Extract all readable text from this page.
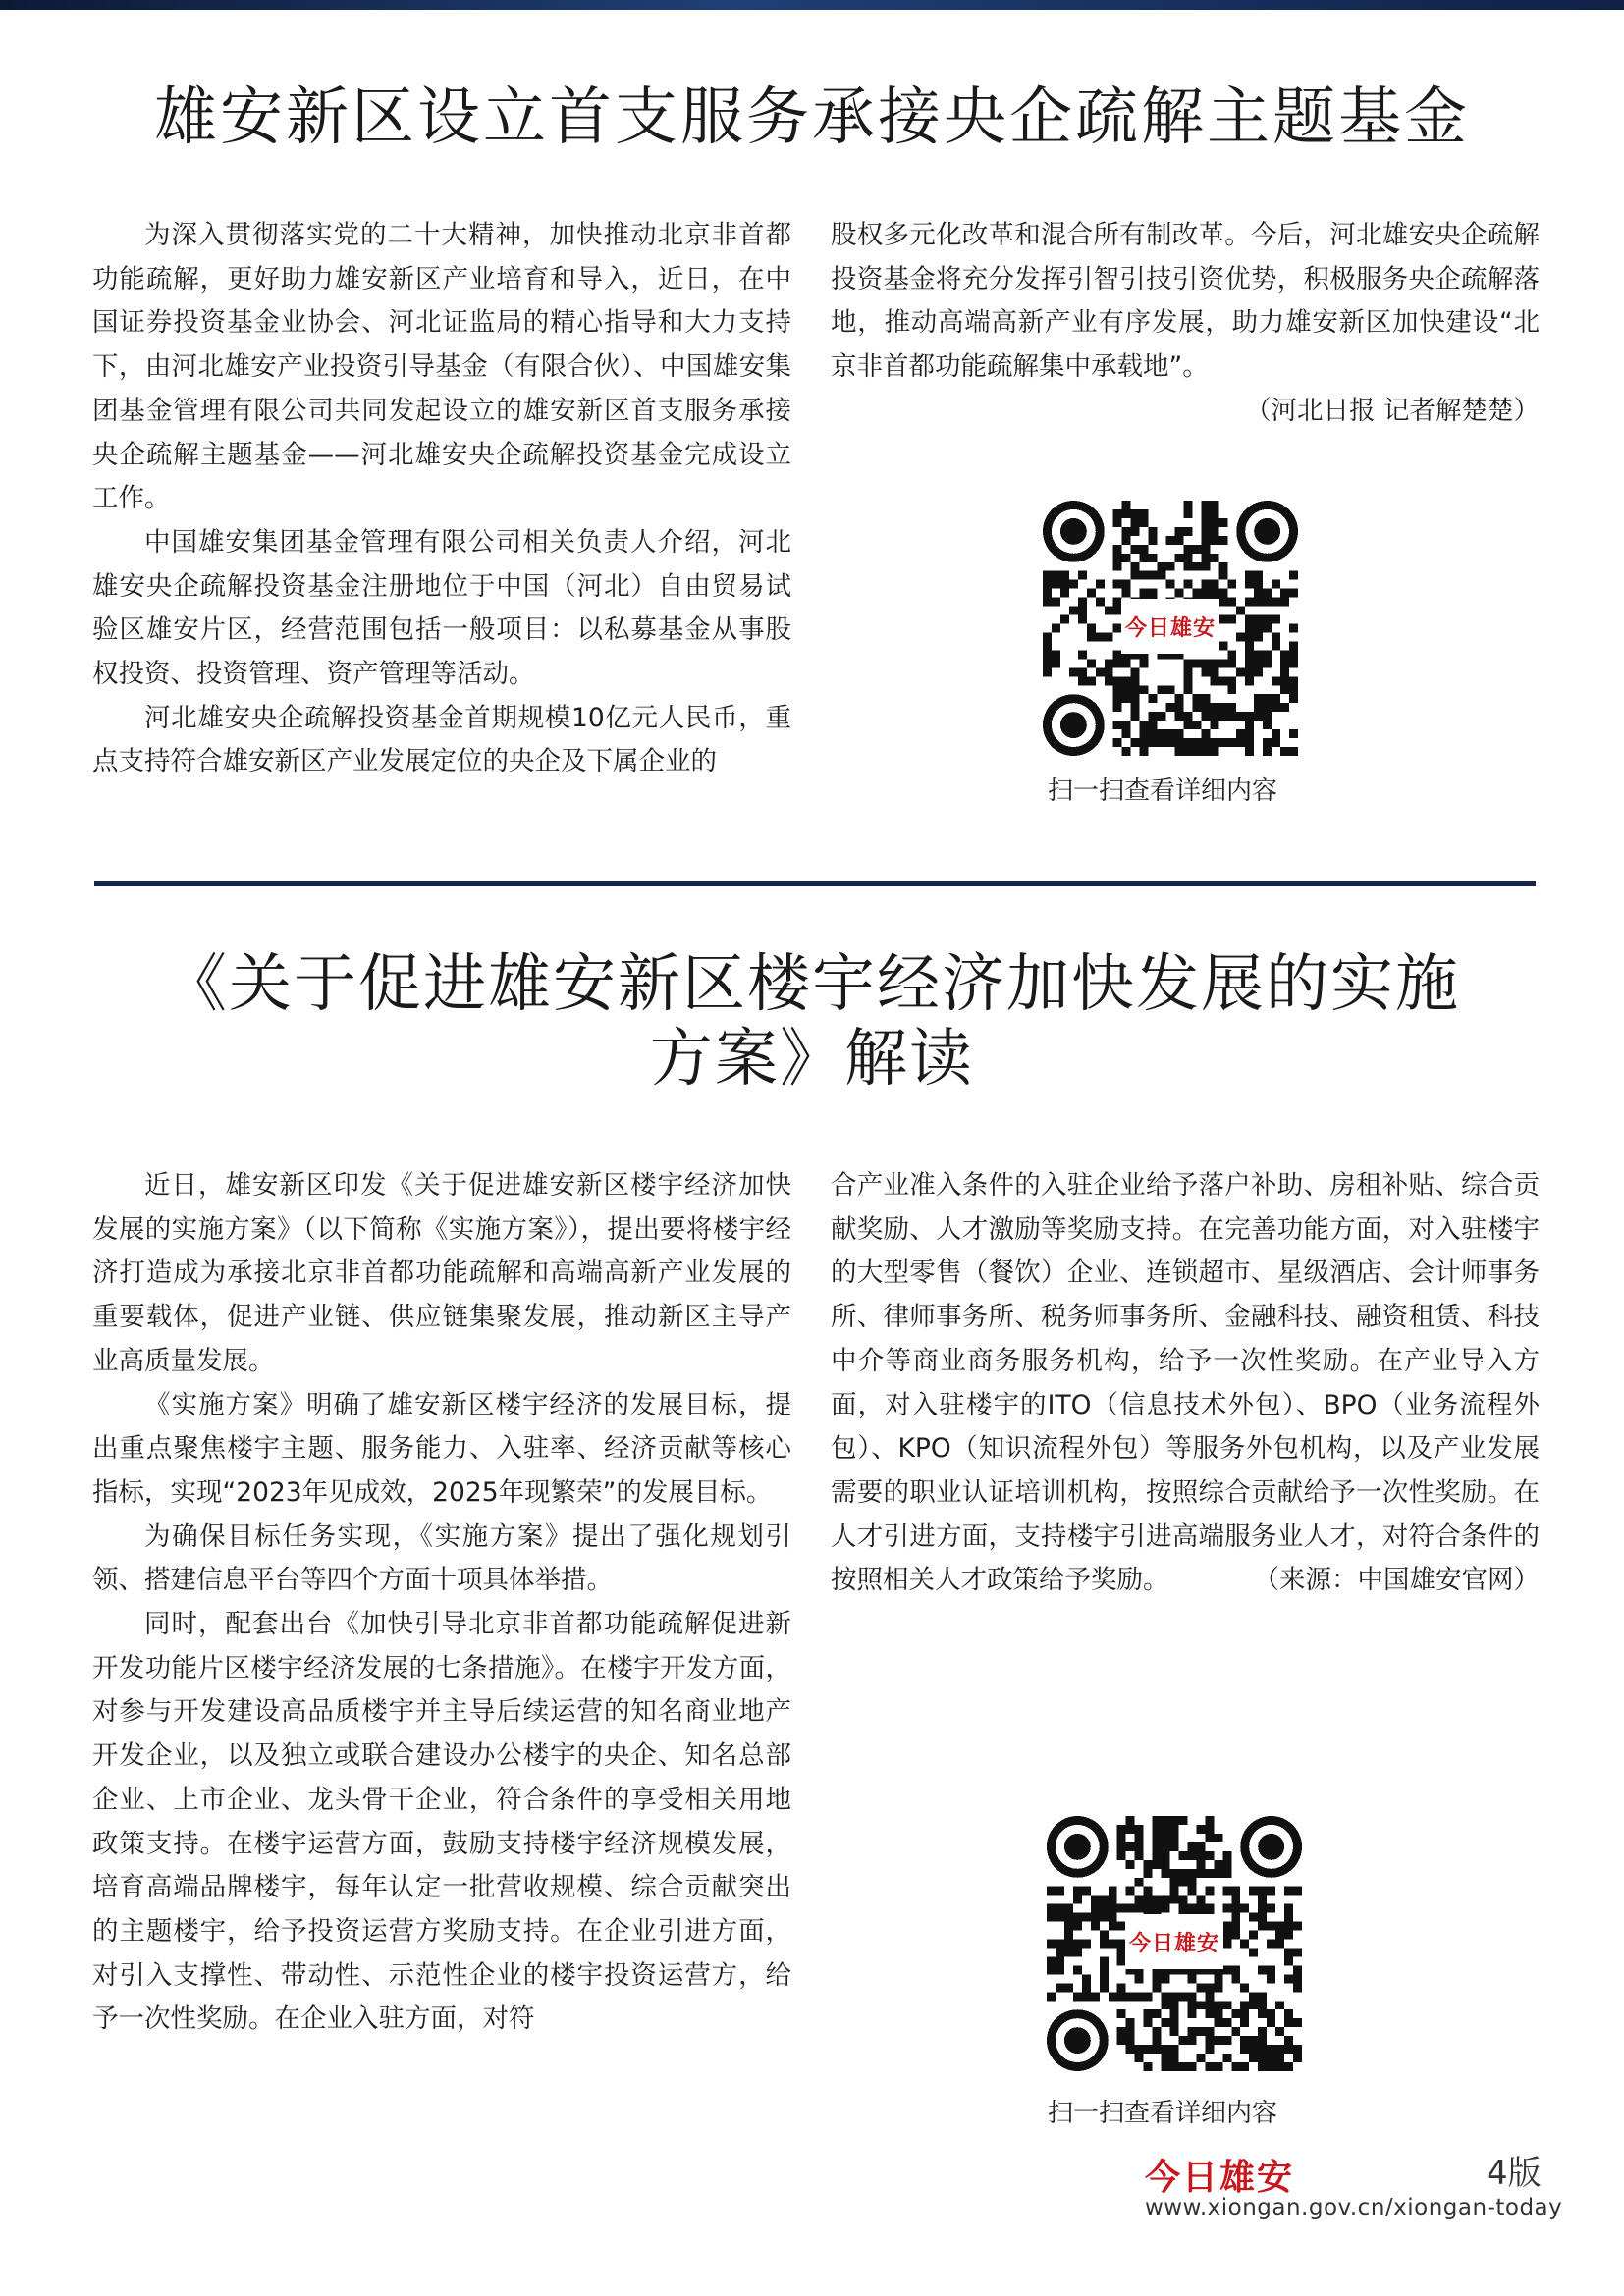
雄安新区设立首支服务承接央企疏解主题基金

为深入贯彻落实党的二十大精神，加快推动北京非首都功能疏解，更好助力雄安新区产业培育和导入，近日，在中国证券投资基金业协会、河北证监局的精心指导和大力支持下，由河北雄安产业投资引导基金（有限合伙）、中国雄安集团基金管理有限公司共同发起设立的雄安新区首支服务承接央企疏解主题基金——河北雄安央企疏解投资基金完成设立工作。

中国雄安集团基金管理有限公司相关负责人介绍，河北雄安央企疏解投资基金注册地位于中国（河北）自由贸易试验区雄安片区，经营范围包括一般项目：以私募基金从事股权投资、投资管理、资产管理等活动。

河北雄安央企疏解投资基金首期规模10亿元人民币，重点支持符合雄安新区产业发展定位的央企及下属企业的

股权多元化改革和混合所有制改革。今后，河北雄安央企疏解投资基金将充分发挥引智引技引资优势，积极服务央企疏解落地，推动高端高新产业有序发展，助力雄安新区加快建设“北京非首都功能疏解集中承载地”。

（河北日报 记者解楚楚）
今日雄安
扫一扫查看详细内容
《关于促进雄安新区楼宇经济加快发展的实施
方案》解读

近日，雄安新区印发《关于促进雄安新区楼宇经济加快发展的实施方案》（以下简称《实施方案》），提出要将楼宇经济打造成为承接北京非首都功能疏解和高端高新产业发展的重要载体，促进产业链、供应链集聚发展，推动新区主导产业高质量发展。

《实施方案》明确了雄安新区楼宇经济的发展目标，提出重点聚焦楼宇主题、服务能力、入驻率、经济贡献等核心指标，实现“2023年见成效，2025年现繁荣”的发展目标。

为确保目标任务实现，《实施方案》提出了强化规划引领、搭建信息平台等四个方面十项具体举措。

同时，配套出台《加快引导北京非首都功能疏解促进新开发功能片区楼宇经济发展的七条措施》。在楼宇开发方面，对参与开发建设高品质楼宇并主导后续运营的知名商业地产开发企业，以及独立或联合建设办公楼宇的央企、知名总部企业、上市企业、龙头骨干企业，符合条件的享受相关用地政策支持。在楼宇运营方面，鼓励支持楼宇经济规模发展，培育高端品牌楼宇，每年认定一批营收规模、综合贡献突出的主题楼宇，给予投资运营方奖励支持。在企业引进方面，对引入支撑性、带动性、示范性企业的楼宇投资运营方，给予一次性奖励。在企业入驻方面，对符

合产业准入条件的入驻企业给予落户补助、房租补贴、综合贡献奖励、人才激励等奖励支持。在完善功能方面，对入驻楼宇的大型零售（餐饮）企业、连锁超市、星级酒店、会计师事务所、律师事务所、税务师事务所、金融科技、融资租赁、科技中介等商业商务服务机构，给予一次性奖励。在产业导入方面，对入驻楼宇的ITO（信息技术外包）、BPO（业务流程外包）、KPO（知识流程外包）等服务外包机构，以及产业发展需要的职业认证培训机构，按照综合贡献给予一次性奖励。在人才引进方面，支持楼宇引进高端服务业人才，对符合条件的按照相关人才政策给予奖励。	（来源：中国雄安官网）

今日雄安
扫一扫查看详细内容
今日雄安	4版
www.xiongan.gov.cn/xiongan-today
